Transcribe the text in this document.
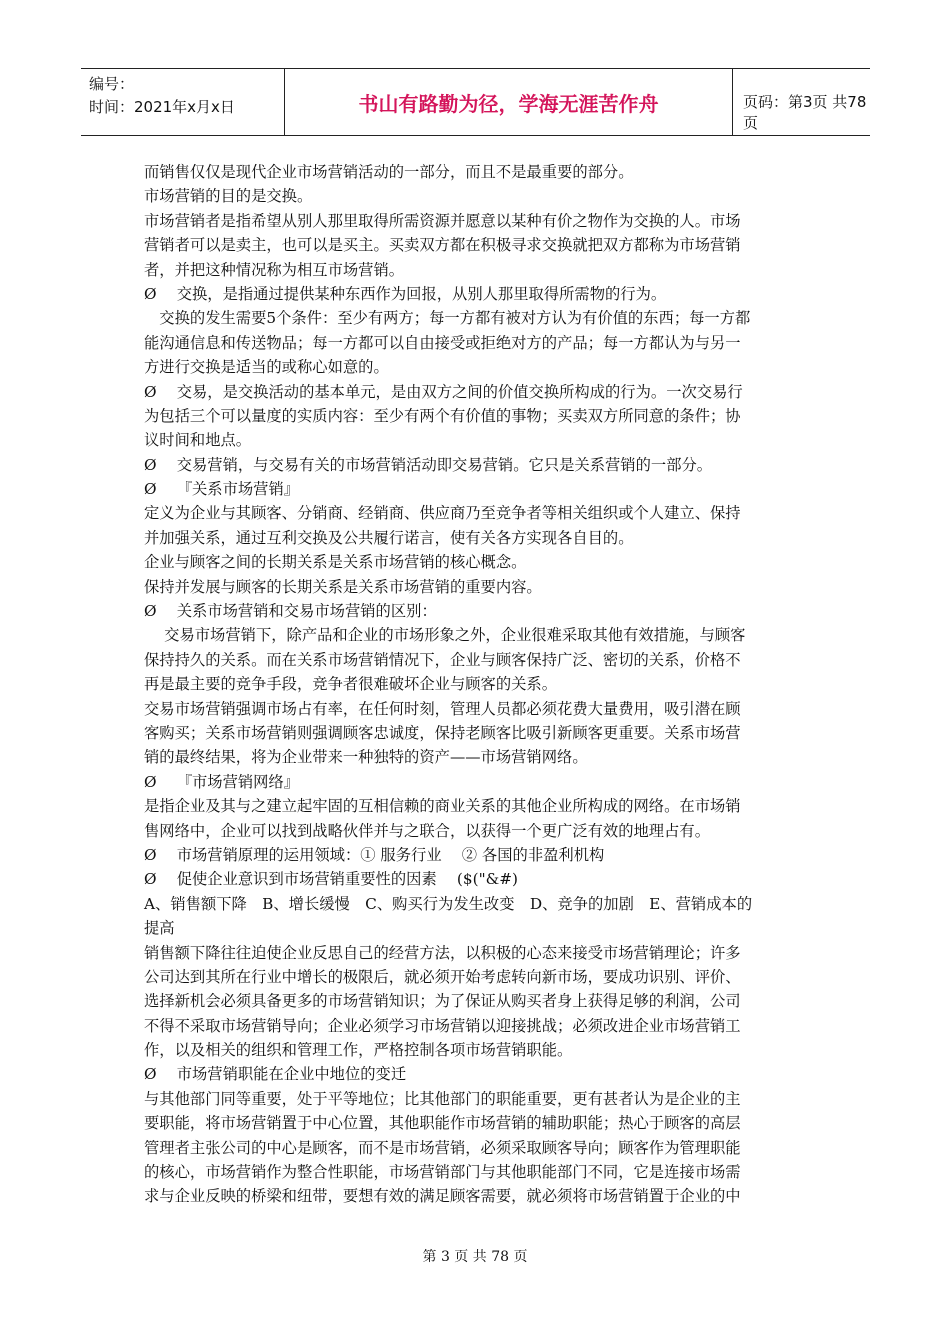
编号：
时间：2021年x月x日	书山有路勤为径，学海无涯苦作舟	页码：第3页 共78页
而销售仅仅是现代企业市场营销活动的一部分，而且不是最重要的部分。
市场营销的目的是交换。
市场营销者是指希望从别人那里取得所需资源并愿意以某种有价之物作为交换的人。市场
营销者可以是卖主，也可以是买主。买卖双方都在积极寻求交换就把双方都称为市场营销
者，并把这种情况称为相互市场营销。
Ø　 交换，是指通过提供某种东西作为回报，从别人那里取得所需物的行为。
　交换的发生需要5个条件：至少有两方；每一方都有被对方认为有价值的东西；每一方都
能沟通信息和传送物品；每一方都可以自由接受或拒绝对方的产品；每一方都认为与另一
方进行交换是适当的或称心如意的。
Ø　 交易，是交换活动的基本单元，是由双方之间的价值交换所构成的行为。一次交易行
为包括三个可以量度的实质内容：至少有两个有价值的事物；买卖双方所同意的条件；协
议时间和地点。
Ø　 交易营销，与交易有关的市场营销活动即交易营销。它只是关系营销的一部分。
Ø　 『关系市场营销』
定义为企业与其顾客、分销商、经销商、供应商乃至竞争者等相关组织或个人建立、保持
并加强关系，通过互利交换及公共履行诺言，使有关各方实现各自目的。
企业与顾客之间的长期关系是关系市场营销的核心概念。
保持并发展与顾客的长期关系是关系市场营销的重要内容。
Ø　 关系市场营销和交易市场营销的区别：
　 交易市场营销下，除产品和企业的市场形象之外，企业很难采取其他有效措施，与顾客
保持持久的关系。而在关系市场营销情况下，企业与顾客保持广泛、密切的关系，价格不
再是最主要的竞争手段，竞争者很难破坏企业与顾客的关系。
交易市场营销强调市场占有率，在任何时刻，管理人员都必须花费大量费用，吸引潜在顾
客购买；关系市场营销则强调顾客忠诚度，保持老顾客比吸引新顾客更重要。关系市场营
销的最终结果，将为企业带来一种独特的资产——市场营销网络。
Ø　 『市场营销网络』
是指企业及其与之建立起牢固的互相信赖的商业关系的其他企业所构成的网络。在市场销
售网络中，企业可以找到战略伙伴并与之联合，以获得一个更广泛有效的地理占有。
Ø　 市场营销原理的运用领域：① 服务行业　 ② 各国的非盈利机构
Ø　 促使企业意识到市场营销重要性的因素　 ($("&#)
A、销售额下降　B、增长缓慢　C、购买行为发生改变　D、竞争的加剧　E、营销成本的
提高
销售额下降往往迫使企业反思自己的经营方法，以积极的心态来接受市场营销理论；许多
公司达到其所在行业中增长的极限后，就必须开始考虑转向新市场，要成功识别、评价、
选择新机会必须具备更多的市场营销知识；为了保证从购买者身上获得足够的利润，公司
不得不采取市场营销导向；企业必须学习市场营销以迎接挑战；必须改进企业市场营销工
作，以及相关的组织和管理工作，严格控制各项市场营销职能。
Ø　 市场营销职能在企业中地位的变迁
与其他部门同等重要，处于平等地位；比其他部门的职能重要，更有甚者认为是企业的主
要职能，将市场营销置于中心位置，其他职能作市场营销的辅助职能；热心于顾客的高层
管理者主张公司的中心是顾客，而不是市场营销，必须采取顾客导向；顾客作为管理职能
的核心，市场营销作为整合性职能，市场营销部门与其他职能部门不同，它是连接市场需
求与企业反映的桥梁和纽带，要想有效的满足顾客需要，就必须将市场营销置于企业的中
第 3 页 共 78 页
